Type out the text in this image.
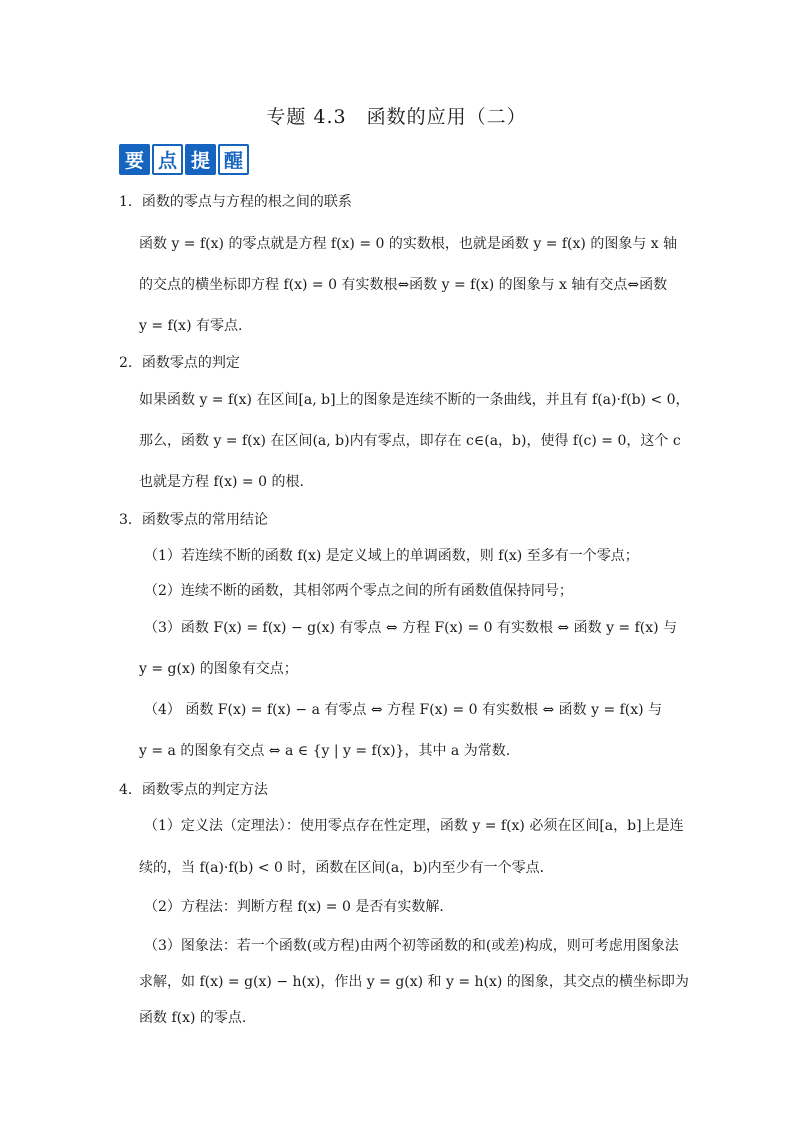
专题 4.3　函数的应用（二）
要 点 提 醒
1．函数的零点与方程的根之间的联系
函数 y = f(x) 的零点就是方程 f(x) = 0 的实数根，也就是函数 y = f(x) 的图象与 x 轴
的交点的横坐标即方程 f(x) = 0 有实数根⇔函数 y = f(x) 的图象与 x 轴有交点⇔函数
y = f(x) 有零点.
2．函数零点的判定
如果函数 y = f(x) 在区间[a, b]上的图象是连续不断的一条曲线，并且有 f(a)·f(b) < 0，
那么，函数 y = f(x) 在区间(a, b)内有零点，即存在 c∈(a，b)，使得 f(c) = 0，这个 c
也就是方程 f(x) = 0 的根.
3．函数零点的常用结论
（1）若连续不断的函数 f(x) 是定义域上的单调函数，则 f(x) 至多有一个零点；
（2）连续不断的函数，其相邻两个零点之间的所有函数值保持同号；
（3）函数 F(x) = f(x) − g(x) 有零点 ⇔ 方程 F(x) = 0 有实数根 ⇔ 函数 y = f(x) 与
y = g(x) 的图象有交点；
（4） 函数 F(x) = f(x) − a 有零点 ⇔ 方程 F(x) = 0 有实数根 ⇔ 函数 y = f(x) 与
y = a 的图象有交点 ⇔ a ∈ {y | y = f(x)}，其中 a 为常数.
4．函数零点的判定方法
（1）定义法（定理法）：使用零点存在性定理，函数 y = f(x) 必须在区间[a，b]上是连
续的，当 f(a)·f(b) < 0 时，函数在区间(a，b)内至少有一个零点．
（2）方程法：判断方程 f(x) = 0 是否有实数解．
（3）图象法：若一个函数(或方程)由两个初等函数的和(或差)构成，则可考虑用图象法
求解，如 f(x) = g(x) − h(x)，作出 y = g(x) 和 y = h(x) 的图象，其交点的横坐标即为
函数 f(x) 的零点.
